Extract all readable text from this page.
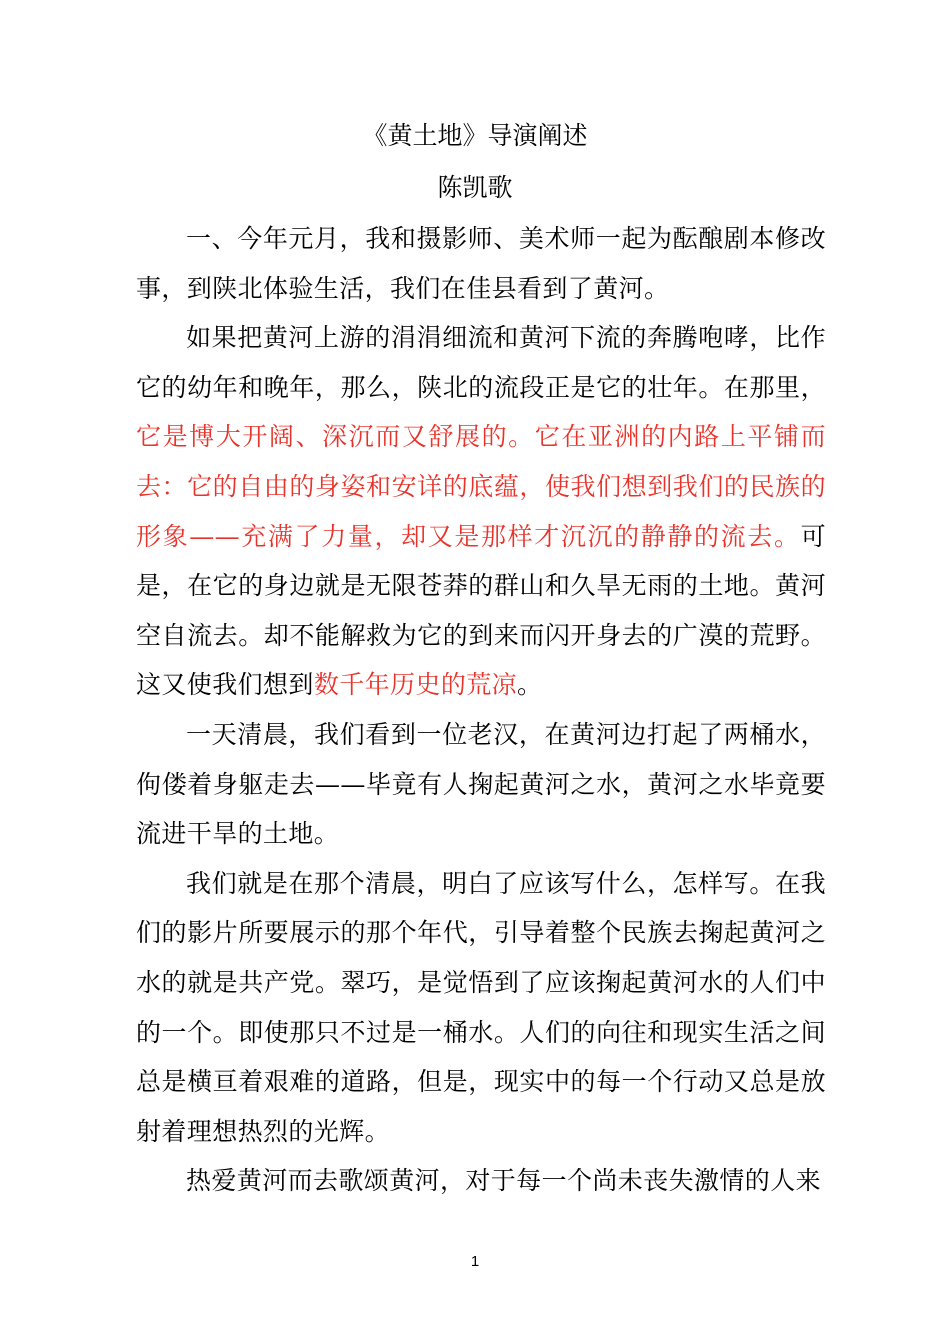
《黄土地》导演阐述
陈凯歌

一、今年元月，我和摄影师、美术师一起为酝酿剧本修改事，到陕北体验生活，我们在佳县看到了黄河。

如果把黄河上游的涓涓细流和黄河下流的奔腾咆哮，比作它的幼年和晚年，那么，陕北的流段正是它的壮年。在那里，它是博大开阔、深沉而又舒展的。它在亚洲的内路上平铺而去：它的自由的身姿和安详的底蕴，使我们想到我们的民族的形象——充满了力量，却又是那样才沉沉的静静的流去。可是，在它的身边就是无限苍莽的群山和久旱无雨的土地。黄河空自流去。却不能解救为它的到来而闪开身去的广漠的荒野。这又使我们想到数千年历史的荒凉。

一天清晨，我们看到一位老汉，在黄河边打起了两桶水，佝偻着身躯走去——毕竟有人掬起黄河之水，黄河之水毕竟要流进干旱的土地。

我们就是在那个清晨，明白了应该写什么，怎样写。在我们的影片所要展示的那个年代，引导着整个民族去掬起黄河之水的就是共产党。翠巧，是觉悟到了应该掬起黄河水的人们中的一个。即使那只不过是一桶水。人们的向往和现实生活之间总是横亘着艰难的道路，但是，现实中的每一个行动又总是放射着理想热烈的光辉。

热爱黄河而去歌颂黄河，对于每一个尚未丧失激情的人来

1
